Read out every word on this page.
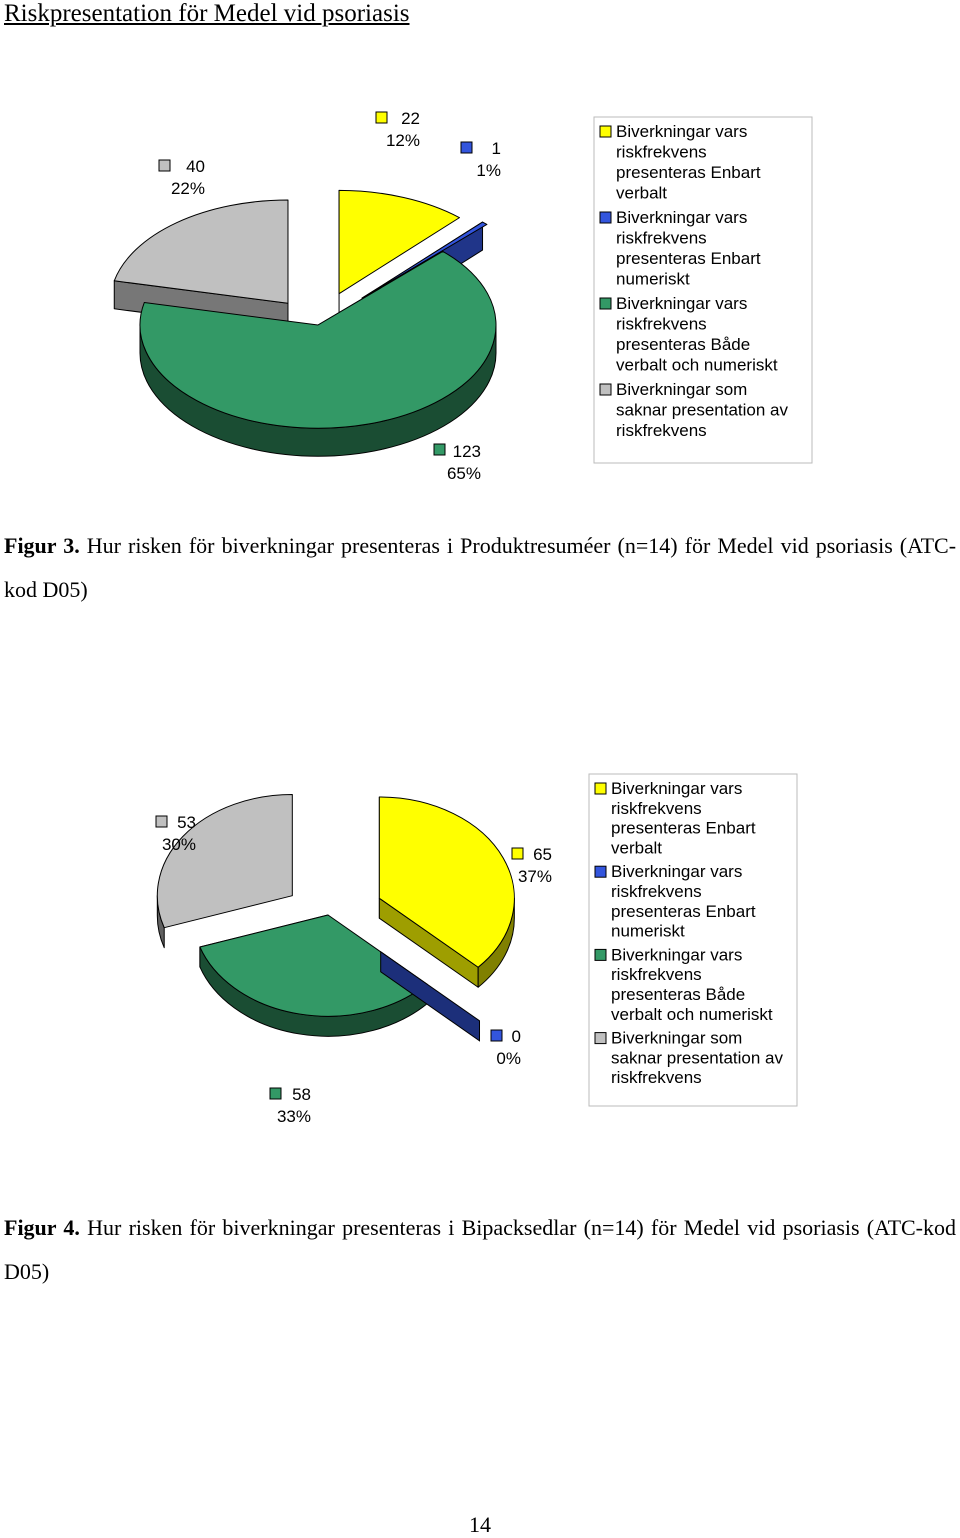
Riskpresentation för Medel vid psoriasis
22
12%	1
1%
123
65%
40
22%
Biverkningar vars
riskfrekvens
presenteras Enbart
verbalt
Biverkningar vars
riskfrekvens
presenteras Enbart
numeriskt
Biverkningar vars
riskfrekvens
presenteras Både
verbalt och numeriskt
Biverkningar som
saknar presentation av
riskfrekvens
Figur 3. Hur risken för biverkningar presenteras i Produktresuméer (n=14) för Medel vid psoriasis (ATC-kod D05)
65
37%
0
0%
58
33%
53
30%
Biverkningar vars
riskfrekvens
presenteras Enbart
verbalt
Biverkningar vars
riskfrekvens
presenteras Enbart
numeriskt
Biverkningar vars
riskfrekvens
presenteras Både
verbalt och numeriskt
Biverkningar som
saknar presentation av
riskfrekvens
Figur 4. Hur risken för biverkningar presenteras i Bipacksedlar (n=14) för Medel vid psoriasis (ATC-kod D05)
14
